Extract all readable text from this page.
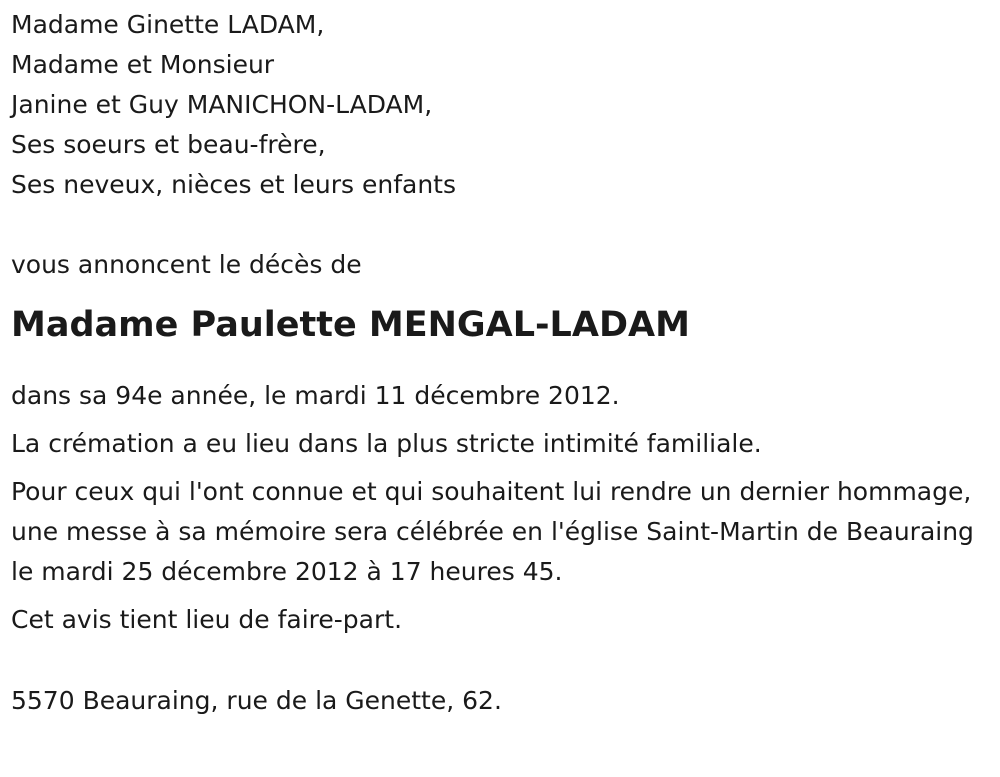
Madame Ginette LADAM,
Madame et Monsieur
Janine et Guy MANICHON-LADAM,
Ses soeurs et beau-frère,
Ses neveux, nièces et leurs enfants
vous annoncent le décès de
Madame Paulette MENGAL-LADAM

dans sa 94e année, le mardi 11 décembre 2012.

La crémation a eu lieu dans la plus stricte intimité familiale.

Pour ceux qui l'ont connue et qui souhaitent lui rendre un dernier hommage, une messe à sa mémoire sera célébrée en l'église Saint-Martin de Beauraing le mardi 25 décembre 2012 à 17 heures 45.

Cet avis tient lieu de faire-part.

5570 Beauraing, rue de la Genette, 62.
